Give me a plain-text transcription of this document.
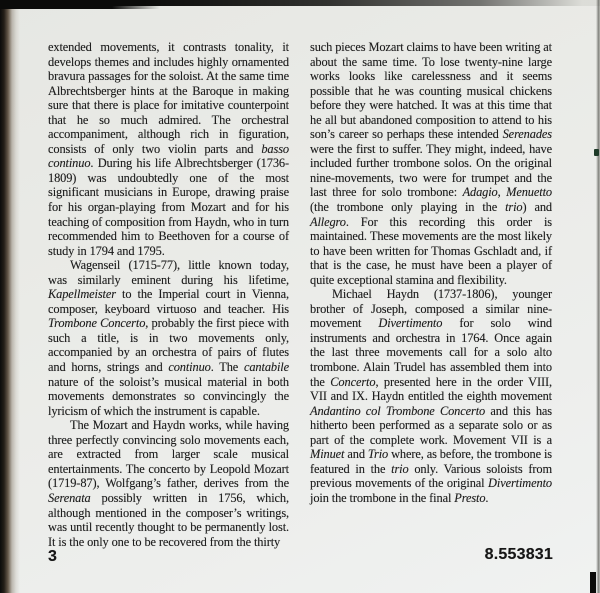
extended movements, it contrasts tonality, it develops themes and includes highly ornamented bravura passages for the soloist. At the same time Albrechtsberger hints at the Baroque in making sure that there is place for imitative counterpoint that he so much admired. The orchestral accompaniment, although rich in figuration, consists of only two violin parts and basso continuo. During his life Albrechtsberger (1736-1809) was undoubtedly one of the most significant musicians in Europe, drawing praise for his organ-playing from Mozart and for his teaching of composition from Haydn, who in turn recommended him to Beethoven for a course of study in 1794 and 1795.

Wagenseil (1715-77), little known today, was similarly eminent during his lifetime, Kapellmeister to the Imperial court in Vienna, composer, keyboard virtuoso and teacher. His Trombone Concerto, probably the first piece with such a title, is in two movements only, accompanied by an orchestra of pairs of flutes and horns, strings and continuo. The cantabile nature of the soloist’s musical material in both movements demonstrates so convincingly the lyricism of which the instrument is capable.

The Mozart and Haydn works, while having three perfectly convincing solo movements each, are extracted from larger scale musical entertainments. The concerto by Leopold Mozart (1719-87), Wolfgang’s father, derives from the Serenata possibly written in 1756, which, although mentioned in the composer’s writings, was until recently thought to be permanently lost. It is the only one to be recovered from the thirty

such pieces Mozart claims to have been writing at about the same time. To lose twenty-nine large works looks like carelessness and it seems possible that he was counting musical chickens before they were hatched. It was at this time that he all but abandoned composition to attend to his son’s career so perhaps these intended Serenades were the first to suffer. They might, indeed, have included further trombone solos. On the original nine-movements, two were for trumpet and the last three for solo trombone: Adagio, Menuetto (the trombone only playing in the trio) and Allegro. For this recording this order is maintained. These movements are the most likely to have been written for Thomas Gschladt and, if that is the case, he must have been a player of quite exceptional stamina and flexibility.

Michael Haydn (1737-1806), younger brother of Joseph, composed a similar nine-movement Divertimento for solo wind instruments and orchestra in 1764. Once again the last three movements call for a solo alto trombone. Alain Trudel has assembled them into the Concerto, presented here in the order VIII, VII and IX. Haydn entitled the eighth movement Andantino col Trombone Concerto and this has hitherto been performed as a separate solo or as part of the complete work. Movement VII is a Minuet and Trio where, as before, the trombone is featured in the trio only. Various soloists from previous movements of the original Divertimento join the trombone in the final Presto.

3	8.553831
